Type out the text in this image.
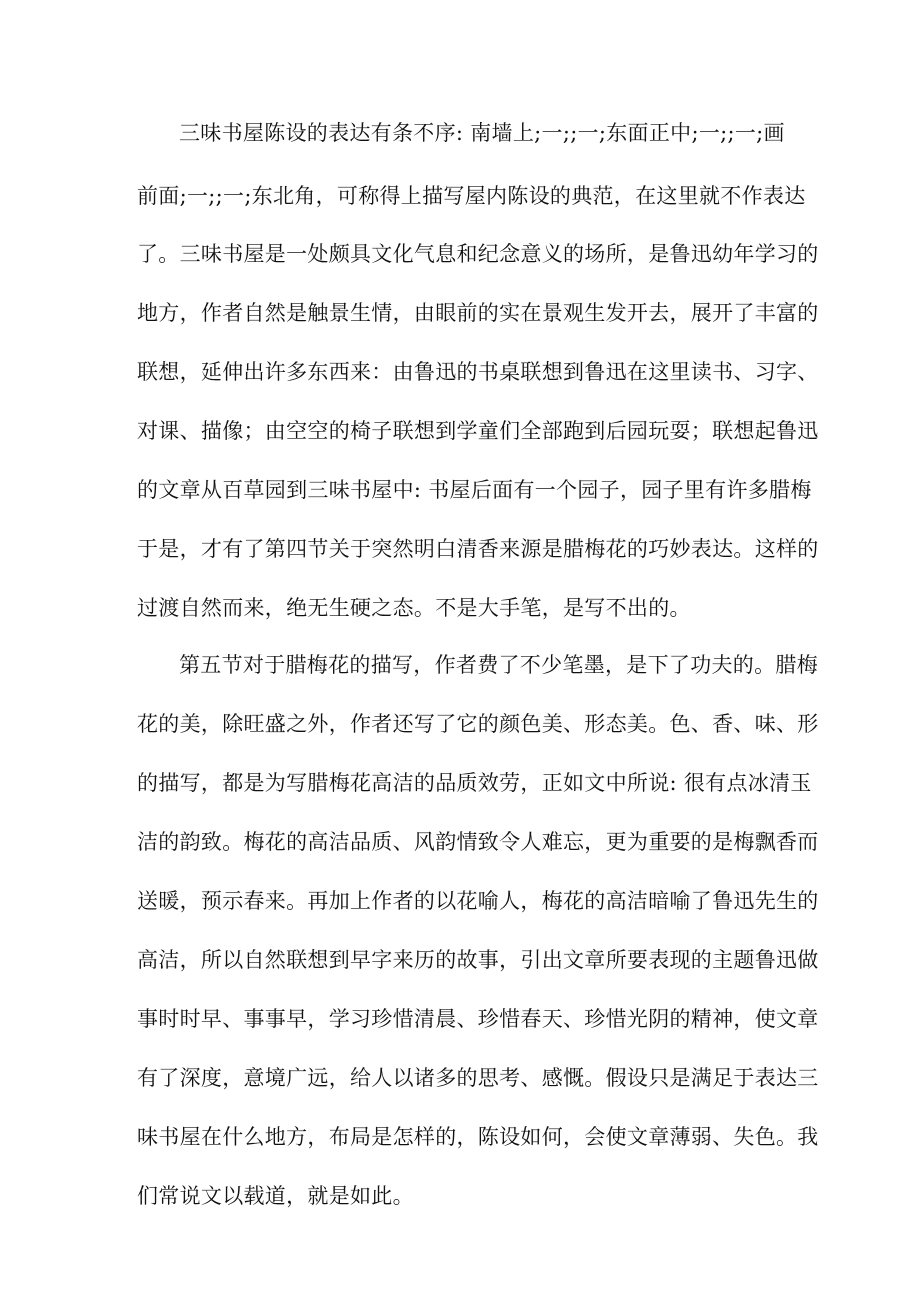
三味书屋陈设的表达有条不序: 南墙上;一;;一;东面正中;一;;一;画
前面;一;;一;东北角，可称得上描写屋内陈设的典范，在这里就不作表达
了。三味书屋是一处颇具文化气息和纪念意义的场所，是鲁迅幼年学习的
地方，作者自然是触景生情，由眼前的实在景观生发开去，展开了丰富的
联想，延伸出许多东西来：由鲁迅的书桌联想到鲁迅在这里读书、习字、
对课、描像；由空空的椅子联想到学童们全部跑到后园玩耍；联想起鲁迅
的文章从百草园到三味书屋中: 书屋后面有一个园子，园子里有许多腊梅
于是，才有了第四节关于突然明白清香来源是腊梅花的巧妙表达。这样的
过渡自然而来，绝无生硬之态。不是大手笔，是写不出的。
第五节对于腊梅花的描写，作者费了不少笔墨，是下了功夫的。腊梅
花的美，除旺盛之外，作者还写了它的颜色美、形态美。色、香、味、形
的描写，都是为写腊梅花高洁的品质效劳，正如文中所说: 很有点冰清玉
洁的韵致。梅花的高洁品质、风韵情致令人难忘，更为重要的是梅飘香而
送暖，预示春来。再加上作者的以花喻人，梅花的高洁暗喻了鲁迅先生的
高洁，所以自然联想到早字来历的故事，引出文章所要表现的主题鲁迅做
事时时早、事事早，学习珍惜清晨、珍惜春天、珍惜光阴的精神，使文章
有了深度，意境广远，给人以诸多的思考、感慨。假设只是满足于表达三
味书屋在什么地方，布局是怎样的，陈设如何，会使文章薄弱、失色。我
们常说文以载道，就是如此。
